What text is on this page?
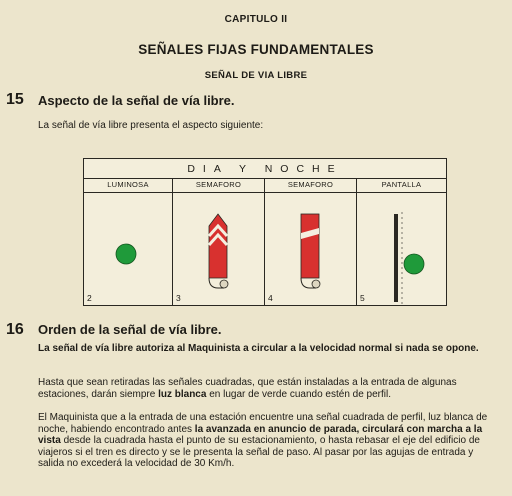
CAPITULO II
SEÑALES FIJAS FUNDAMENTALES
SEÑAL DE VIA LIBRE
15 Aspecto de la señal de vía libre.
La señal de vía libre presenta el aspecto siguiente:
DIA Y NOCHE
LUMINOSA
2
SEMAFORO
3
SEMAFORO
4
PANTALLA
5
16 Orden de la señal de vía libre.
La señal de vía libre autoriza al Maquinista a circular a la velocidad normal si nada se opone.
Hasta que sean retiradas las señales cuadradas, que están instaladas a la entrada de algunas estaciones, darán siempre luz blanca en lugar de verde cuando estén de perfil.
El Maquinista que a la entrada de una estación encuentre una señal cuadrada de perfil, luz blanca de noche, habiendo encontrado antes la avanzada en anuncio de parada, circulará con marcha a la vista desde la cuadrada hasta el punto de su estacionamiento, o hasta rebasar el eje del edificio de viajeros si el tren es directo y se le presenta la señal de paso. Al pasar por las agujas de entrada y salida no excederá la velocidad de 30 Km/h.
